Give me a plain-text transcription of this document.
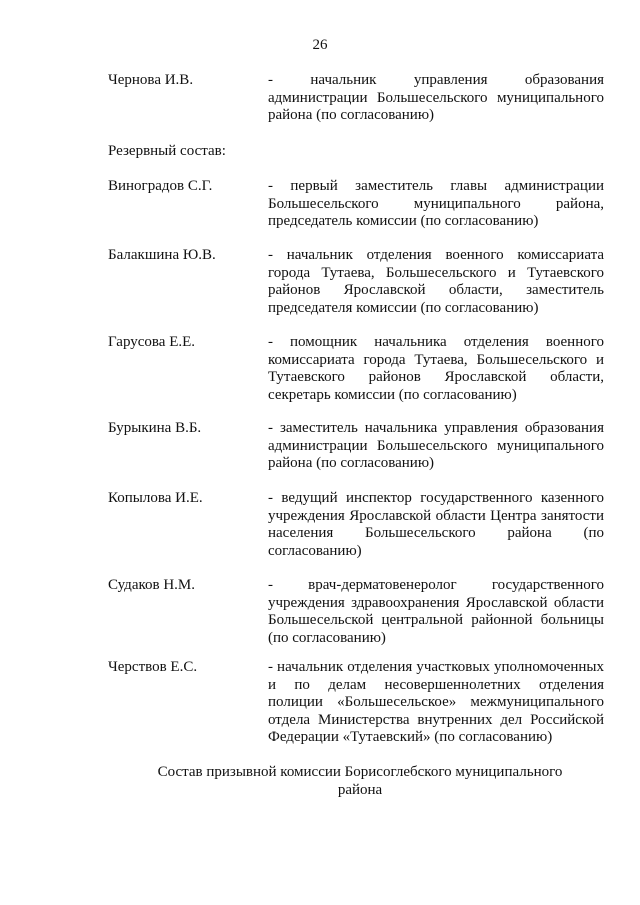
26
Чернова И.В.	- начальник управления образования администрации Большесельского муниципального района (по согласованию)
Резервный состав:
Виноградов С.Г.	- первый заместитель главы администрации Большесельского муниципального района, председатель комиссии (по согласованию)
Балакшина Ю.В.	- начальник отделения военного комиссариата города Тутаева, Большесельского и Тутаевского районов Ярославской области, заместитель председателя комиссии (по согласованию)
Гарусова Е.Е.	- помощник начальника отделения военного комиссариата города Тутаева, Большесельского и Тутаевского районов Ярославской области, секретарь комиссии (по согласованию)
Бурыкина В.Б.	- заместитель начальника управления образования администрации Большесельского муниципального района (по согласованию)
Копылова И.Е.	- ведущий инспектор государственного казенного учреждения Ярославской области Центра занятости населения Большесельского района (по согласованию)
Судаков Н.М.	- врач-дерматовенеролог государственного учреждения здравоохранения Ярославской области Большесельской центральной районной больницы (по согласованию)
Черствов Е.С.	- начальник отделения участковых уполномоченных и по делам несовершеннолетних отделения полиции «Большесельское» межмуниципального отдела Министерства внутренних дел Российской Федерации «Тутаевский» (по согласованию)
Состав призывной комиссии Борисоглебского муниципального района
